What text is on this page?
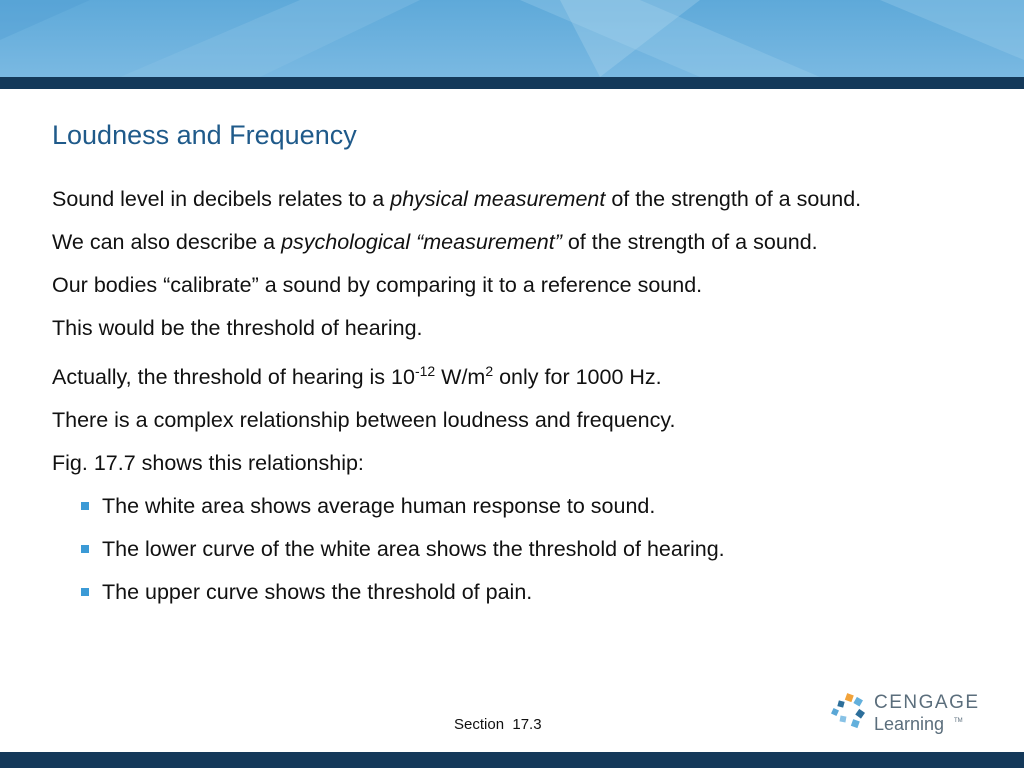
Loudness and Frequency

Sound level in decibels relates to a physical measurement of the strength of a sound.

We can also describe a psychological “measurement” of the strength of a sound.

Our bodies “calibrate” a sound by comparing it to a reference sound.

This would be the threshold of hearing.

Actually, the threshold of hearing is $10^{-12}$ $W/m^2$ only for 1000 Hz.

There is a complex relationship between loudness and frequency.

Fig. 17.7 shows this relationship:

The white area shows average human response to sound.
The lower curve of the white area shows the threshold of hearing.
The upper curve shows the threshold of pain.
Section  17.3
CENGAGE
Learning TM
